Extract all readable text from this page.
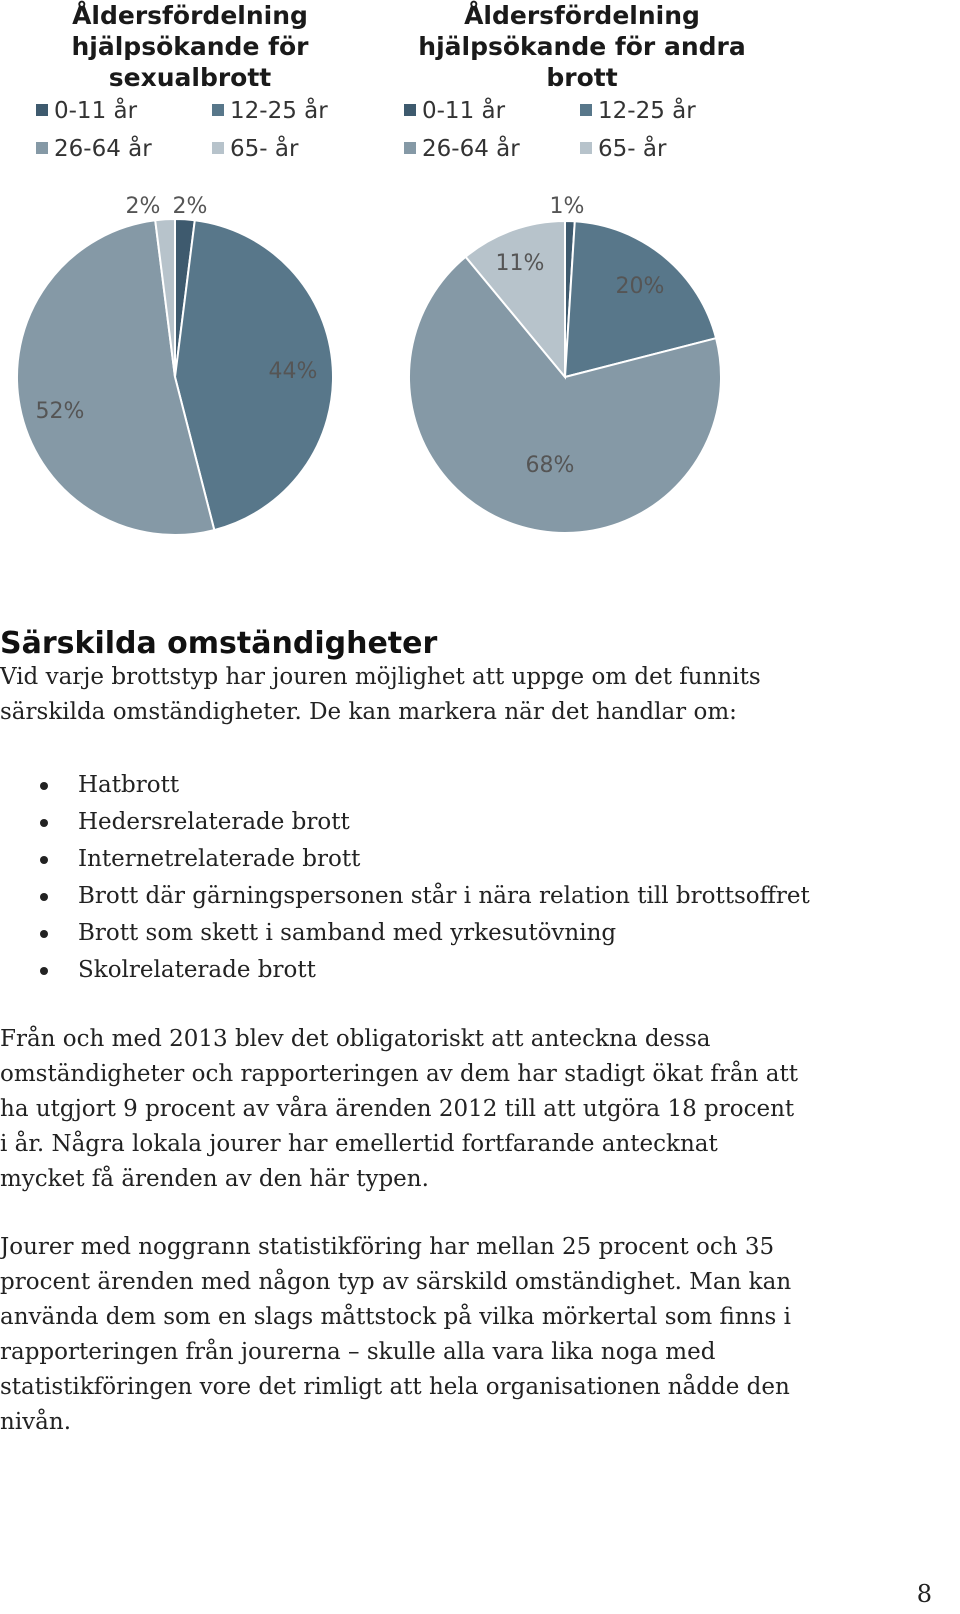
Åldersfördelning hjälpsökande för sexualbrott
Åldersfördelning hjälpsökande för andra brott
0-11 år	12-25 år
26-64 år	65- år
0-11 år	12-25 år
26-64 år	65- år
2%
44%
52%
2%	1%
20%
68%
11%
Särskilda omständigheter

Vid varje brottstyp har jouren möjlighet att uppge om det funnits särskilda omständigheter. De kan markera när det handlar om:

Hatbrott
Hedersrelaterade brott
Internetrelaterade brott
Brott där gärningspersonen står i nära relation till brottsoffret
Brott som skett i samband med yrkesutövning
Skolrelaterade brott

Från och med 2013 blev det obligatoriskt att anteckna dessa omständigheter och rapporteringen av dem har stadigt ökat från att ha utgjort 9 procent av våra ärenden 2012 till att utgöra 18 procent i år. Några lokala jourer har emellertid fortfarande antecknat mycket få ärenden av den här typen.

Jourer med noggrann statistikföring har mellan 25 procent och 35 procent ärenden med någon typ av särskild omständighet. Man kan använda dem som en slags måttstock på vilka mörkertal som finns i rapporteringen från jourerna – skulle alla vara lika noga med statistikföringen vore det rimligt att hela organisationen nådde den nivån.

8
